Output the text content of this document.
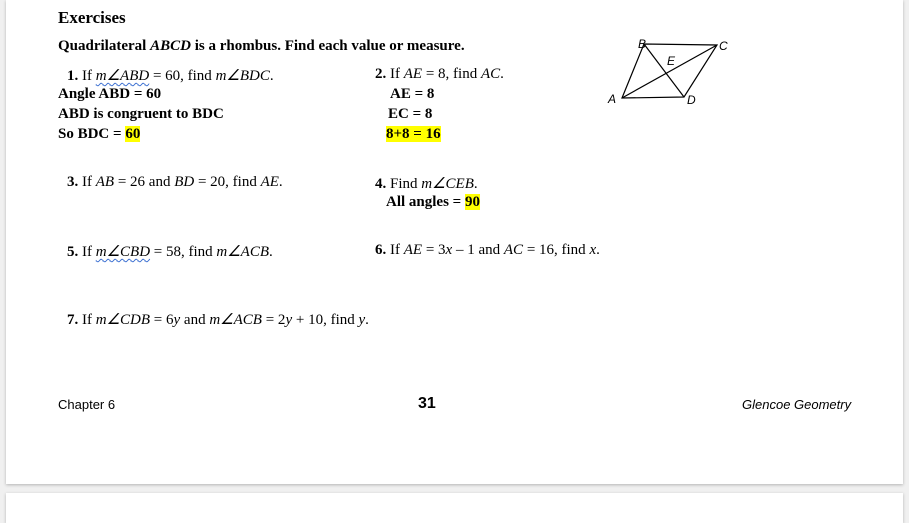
Exercises
Quadrilateral ABCD is a rhombus. Find each value or measure.
A
B	C
D
E
1. If m∠ABD = 60, find m∠BDC.
Angle ABD = 60
ABD is congruent to BDC
So BDC = 60
2. If AE = 8, find AC.
AE = 8
EC = 8
8+8 = 16
3. If AB = 26 and BD = 20, find AE.	4. Find m∠CEB.
All angles = 90
5. If m∠CBD = 58, find m∠ACB.	6. If AE = 3x – 1 and AC = 16, find x.
7. If m∠CDB = 6y and m∠ACB = 2y + 10, find y.
Chapter 6	31	Glencoe Geometry
